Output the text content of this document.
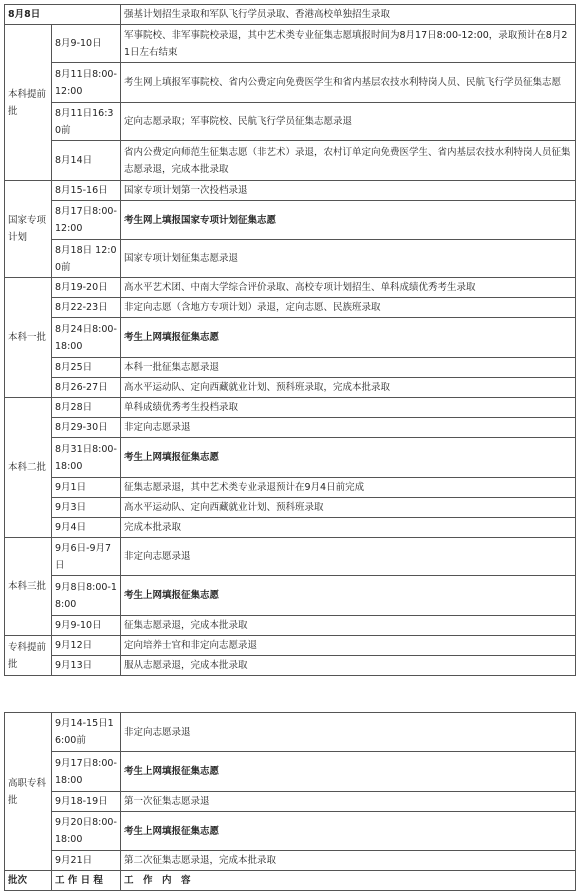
8月8日		强基计划招生录取和军队飞行学员录取、香港高校单独招生录取
本科提前批	8月9-10日	军事院校、非军事院校录退，其中艺术类专业征集志愿填报时间为8月17日8:00-12:00，录取预计在8月21日左右结束
	8月11日8:00-12:00	考生网上填报军事院校、省内公费定向免费医学生和省内基层农技水利特岗人员、民航飞行学员征集志愿
	8月11日16:30前	定向志愿录取；军事院校、民航飞行学员征集志愿录退
	8月14日	省内公费定向师范生征集志愿（非艺术）录退，农村订单定向免费医学生、省内基层农技水利特岗人员征集志愿录退，完成本批录取
国家专项计划	8月15-16日	国家专项计划第一次投档录退
	8月17日8:00-12:00	考生网上填报国家专项计划征集志愿
	8月18日 12:00前	国家专项计划征集志愿录退
本科一批	8月19-20日	高水平艺术团、中南大学综合评价录取、高校专项计划招生、单科成绩优秀考生录取
	8月22-23日	非定向志愿（含地方专项计划）录退，定向志愿、民族班录取
	8月24日8:00-18:00	考生上网填报征集志愿
	8月25日	本科一批征集志愿录退
	8月26-27日	高水平运动队、定向西藏就业计划、预科班录取，完成本批录取
本科二批	8月28日	单科成绩优秀考生投档录取
	8月29-30日	非定向志愿录退
	8月31日8:00-18:00	考生上网填报征集志愿
	9月1日	征集志愿录退，其中艺术类专业录退预计在9月4日前完成
	9月3日	高水平运动队、定向西藏就业计划、预科班录取
	9月4日	完成本批录取
本科三批	9月6日-9月7日	非定向志愿录退
	9月8日8:00-18:00	考生上网填报征集志愿
	9月9-10日	征集志愿录退，完成本批录取
专科提前批	9月12日	定向培养士官和非定向志愿录退
	9月13日	服从志愿录退，完成本批录取
高职专科批	9月14-15日16:00前	非定向志愿录退
	9月17日8:00-18:00	考生上网填报征集志愿
	9月18-19日	第一次征集志愿录退
	9月20日8:00-18:00	考生上网填报征集志愿
	9月21日	第二次征集志愿录退，完成本批录取
批次	工 作 日 程	工　作　内　容
